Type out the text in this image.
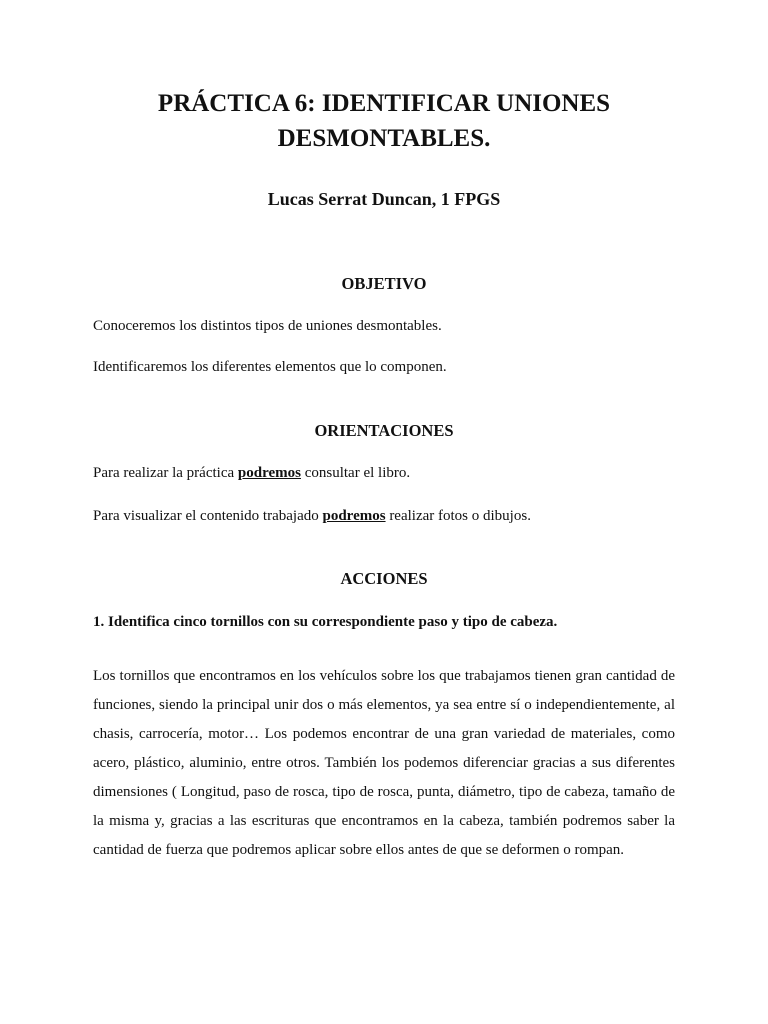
PRÁCTICA 6: IDENTIFICAR UNIONES
DESMONTABLES.
Lucas Serrat Duncan, 1 FPGS
OBJETIVO

Conoceremos los distintos tipos de uniones desmontables.

Identificaremos los diferentes elementos que lo componen.

ORIENTACIONES

Para realizar la práctica podremos consultar el libro.

Para visualizar el contenido trabajado podremos realizar fotos o dibujos.

ACCIONES

1. Identifica cinco tornillos con su correspondiente paso y tipo de cabeza.

Los tornillos que encontramos en los vehículos sobre los que trabajamos tienen gran cantidad de funciones, siendo la principal unir dos o más elementos, ya sea entre sí o independientemente, al chasis, carrocería, motor… Los podemos encontrar de una gran variedad de materiales, como acero, plástico, aluminio, entre otros. También los podemos diferenciar gracias a sus diferentes dimensiones ( Longitud, paso de rosca, tipo de rosca, punta, diámetro, tipo de cabeza, tamaño de la misma y, gracias a las escrituras que encontramos en la cabeza, también podremos saber la cantidad de fuerza que podremos aplicar sobre ellos antes de que se deformen o rompan.
